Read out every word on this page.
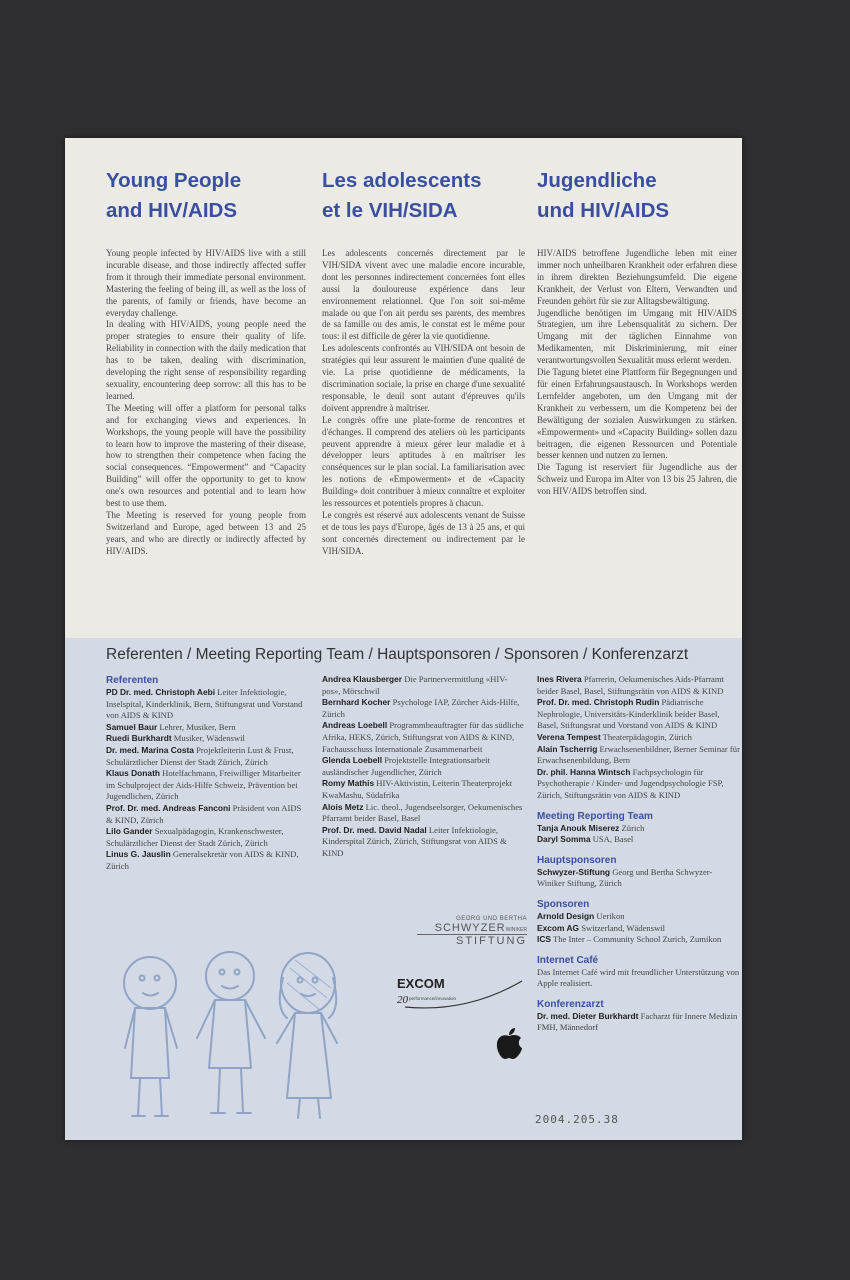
Young People
and HIV/AIDS

Young people infected by HIV/AIDS live with a still incurable disease, and those indirectly affected suffer from it through their immediate personal environment. Mastering the feeling of being ill, as well as the loss of the parents, of family or friends, have become an everyday challenge.

In dealing with HIV/AIDS, young people need the proper strategies to ensure their quality of life. Reliability in connection with the daily medication that has to be taken, dealing with discrimination, developing the right sense of responsibility regarding sexuality, encountering deep sorrow: all this has to be learned.

The Meeting will offer a platform for personal talks and for exchanging views and experiences. In Workshops, the young people will have the possibility to learn how to improve the mastering of their disease, how to strengthen their competence when facing the social consequences. “Empowerment” and “Capacity Building” will offer the opportunity to get to know one's own resources and potential and to learn how best to use them.

The Meeting is reserved for young people from Switzerland and Europe, aged between 13 and 25 years, and who are directly or indirectly affected by HIV/AIDS.

Les adolescents
et le VIH/SIDA

Les adolescents concernés directement par le VIH/SIDA vivent avec une maladie encore incurable, dont les personnes indirectement concernées font elles aussi la douloureuse expérience dans leur environnement relationnel. Que l'on soit soi-même malade ou que l'on ait perdu ses parents, des membres de sa famille ou des amis, le constat est le même pour tous: il est difficile de gérer la vie quotidienne.

Les adolescents confrontés au VIH/SIDA ont besoin de stratégies qui leur assurent le maintien d'une qualité de vie. La prise quotidienne de médicaments, la discrimination sociale, la prise en charge d'une sexualité responsable, le deuil sont autant d'épreuves qu'ils doivent apprendre à maîtriser.

Le congrès offre une plate-forme de rencontres et d'échanges. Il comprend des ateliers où les participants peuvent apprendre à mieux gérer leur maladie et à développer leurs aptitudes à en maîtriser les conséquences sur le plan social. La familiarisation avec les notions de «Empowerment» et de «Capacity Building» doit contribuer à mieux connaître et exploiter les ressources et potentiels propres à chacun.

Le congrès est réservé aux adolescents venant de Suisse et de tous les pays d'Europe, âgés de 13 à 25 ans, et qui sont concernés directement ou indirectement par le VIH/SIDA.

Jugendliche
und HIV/AIDS

HIV/AIDS betroffene Jugendliche leben mit einer immer noch unheilbaren Krankheit oder erfahren diese in ihrem direkten Beziehungsumfeld. Die eigene Krankheit, der Verlust von Eltern, Verwandten und Freunden gehört für sie zur Alltagsbewältigung.

Jugendliche benötigen im Umgang mit HIV/AIDS Strategien, um ihre Lebensqualität zu sichern. Der Umgang mit der täglichen Einnahme von Medikamenten, mit Diskriminierung, mit einer verantwortungsvollen Sexualität muss erlernt werden.

Die Tagung bietet eine Plattform für Begegnungen und für einen Erfahrungsaustausch. In Workshops werden Lernfelder angeboten, um den Umgang mit der Krankheit zu verbessern, um die Kompetenz bei der Bewältigung der sozialen Auswirkungen zu stärken. «Empowerment» und «Capacity Building» sollen dazu beitragen, die eigenen Ressourcen und Potentiale besser kennen und nutzen zu lernen.

Die Tagung ist reserviert für Jugendliche aus der Schweiz und Europa im Alter von 13 bis 25 Jahren, die von HIV/AIDS betroffen sind.

Referenten / Meeting Reporting Team / Hauptsponsoren / Sponsoren / Konferenzarzt

Referenten

PD Dr. med. Christoph Aebi Leiter Infektiologie, Inselspital, Kinderklinik, Bern, Stiftungsrat und Vorstand von AIDS & KIND

Samuel Baur Lehrer, Musiker, Bern

Ruedi Burkhardt Musiker, Wädenswil

Dr. med. Marina Costa Projektleiterin Lust & Frust, Schulärztlicher Dienst der Stadt Zürich, Zürich

Klaus Donath Hotelfachmann, Freiwilliger Mitarbeiter im Schulproject der Aids-Hilfe Schweiz, Prävention bei Jugendlichen, Zürich

Prof. Dr. med. Andreas Fanconi Präsident von AIDS & KIND, Zürich

Lilo Gander Sexualpädagogin, Krankenschwester, Schulärztlicher Dienst der Stadt Zürich, Zürich

Linus G. Jauslin Generalsekretär von AIDS & KIND, Zürich

Andrea Klausberger Die Partnervermittlung «HIV-pos», Mörschwil

Bernhard Kocher Psychologe IAP, Zürcher Aids-Hilfe, Zürich

Andreas Loebell Programmbeauftragter für das südliche Afrika, HEKS, Zürich, Stiftungsrat von AIDS & KIND, Fachausschuss Internationale Zusammenarbeit

Glenda Loebell Projektstelle Integrationsarbeit ausländischer Jugendlicher, Zürich

Romy Mathis HIV-Aktivistin, Leiterin Theaterprojekt KwaMashu, Südafrika

Alois Metz Lic. theol., Jugendseelsorger, Oekumenisches Pfarramt beider Basel, Basel

Prof. Dr. med. David Nadal Leiter Infektiologie, Kinderspital Zürich, Zürich, Stiftungsrat von AIDS & KIND

Ines Rivera Pfarrerin, Oekumenisches Aids-Pfarramt beider Basel, Basel, Stiftungsrätin von AIDS & KIND

Prof. Dr. med. Christoph Rudin Pädiatrische Nephrologie, Universitäts-Kinderklinik beider Basel, Basel, Stiftungsrat und Vorstand von AIDS & KIND

Verena Tempest Theaterpädagogin, Zürich

Alain Tscherrig Erwachsenenbildner, Berner Seminar für Erwachsenenbildung, Bern

Dr. phil. Hanna Wintsch Fachpsychologin für Psychotherapie / Kinder- und Jugendpsychologie FSP, Zürich, Stiftungsrätin von AIDS & KIND

Meeting Reporting Team

Tanja Anouk Miserez Zürich

Daryl Somma USA, Basel

Hauptsponsoren

Schwyzer-Stiftung Georg und Bertha Schwyzer-Winiker Stiftung, Zürich

Sponsoren

Arnold Design Uerikon

Excom AG Switzerland, Wädenswil

ICS The Inter – Community School Zurich, Zumikon

Internet Café

Das Internet Café wird mit freundlicher Unterstützung von Apple realisiert.

Konferenzarzt

Dr. med. Dieter Burkhardt Facharzt für Innere Medizin FMH, Männedorf

GEORG UND BERTHA
SCHWYZERWINIKER
STIFTUNG
EXCOM
20 performance/innovation
2004.205.38
